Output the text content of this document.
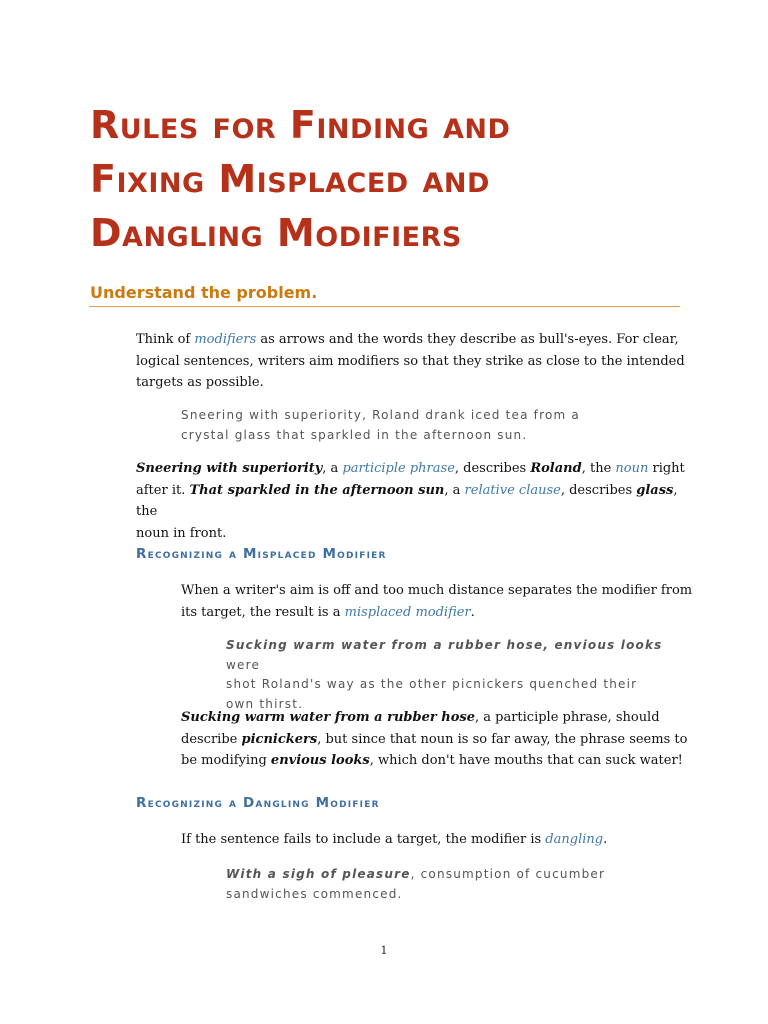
Rules for Finding and
Fixing Misplaced and
Dangling Modifiers
Understand the problem.
Think of modifiers as arrows and the words they describe as bull's-eyes. For clear,
logical sentences, writers aim modifiers so that they strike as close to the intended
targets as possible.
Sneering with superiority, Roland drank iced tea from a
crystal glass that sparkled in the afternoon sun.
Sneering with superiority, a participle phrase, describes Roland, the noun right
after it. That sparkled in the afternoon sun, a relative clause, describes glass, the
noun in front.
Recognizing a Misplaced Modifier
When a writer's aim is off and too much distance separates the modifier from
its target, the result is a misplaced modifier.
Sucking warm water from a rubber hose, envious looks were
shot Roland's way as the other picnickers quenched their
own thirst.
Sucking warm water from a rubber hose, a participle phrase, should
describe picnickers, but since that noun is so far away, the phrase seems to
be modifying envious looks, which don't have mouths that can suck water!
Recognizing a Dangling Modifier
If the sentence fails to include a target, the modifier is dangling.
With a sigh of pleasure, consumption of cucumber
sandwiches commenced.
1
